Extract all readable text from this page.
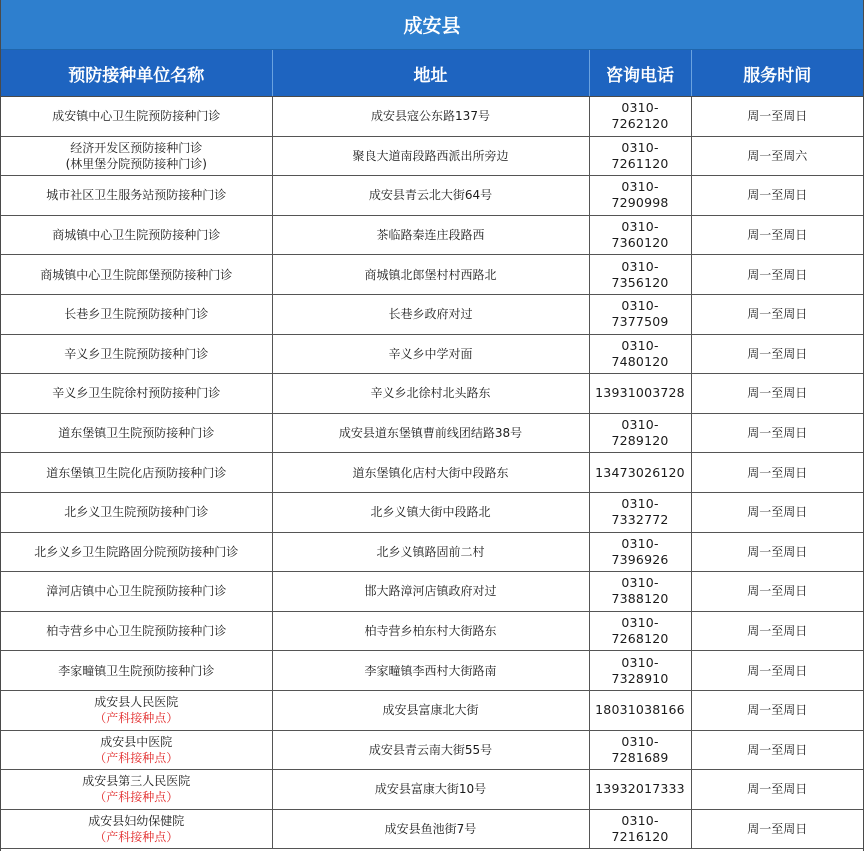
成安县
预防接种单位名称	地址	咨询电话	服务时间

成安镇中心卫生院预防接种门诊	成安县寇公东路137号	0310-7262120	周一至周日

经济开发区预防接种门诊
(林里堡分院预防接种门诊)	聚良大道南段路西派出所旁边	0310-7261120	周一至周六

城市社区卫生服务站预防接种门诊	成安县青云北大街64号	0310-7290998	周一至周日

商城镇中心卫生院预防接种门诊	茶临路秦连庄段路西	0310-7360120	周一至周日

商城镇中心卫生院郎堡预防接种门诊	商城镇北郎堡村村西路北	0310-7356120	周一至周日

长巷乡卫生院预防接种门诊	长巷乡政府对过	0310-7377509	周一至周日

辛义乡卫生院预防接种门诊	辛义乡中学对面	0310-7480120	周一至周日

辛义乡卫生院徐村预防接种门诊	辛义乡北徐村北头路东	13931003728	周一至周日

道东堡镇卫生院预防接种门诊	成安县道东堡镇曹前线团结路38号	0310-7289120	周一至周日

道东堡镇卫生院化店预防接种门诊	道东堡镇化店村大街中段路东	13473026120	周一至周日

北乡义卫生院预防接种门诊	北乡义镇大街中段路北	0310-7332772	周一至周日

北乡义乡卫生院路固分院预防接种门诊	北乡义镇路固前二村	0310-7396926	周一至周日

漳河店镇中心卫生院预防接种门诊	邯大路漳河店镇政府对过	0310-7388120	周一至周日

柏寺营乡中心卫生院预防接种门诊	柏寺营乡柏东村大街路东	0310-7268120	周一至周日

李家疃镇卫生院预防接种门诊	李家疃镇李西村大街路南	0310-7328910	周一至周日

成安县人民医院
（产科接种点）	成安县富康北大街	18031038166	周一至周日

成安县中医院
（产科接种点）	成安县青云南大街55号	0310-7281689	周一至周日

成安县第三人民医院
（产科接种点）	成安县富康大街10号	13932017333	周一至周日

成安县妇幼保健院
（产科接种点）	成安县鱼池街7号	0310-7216120	周一至周日
